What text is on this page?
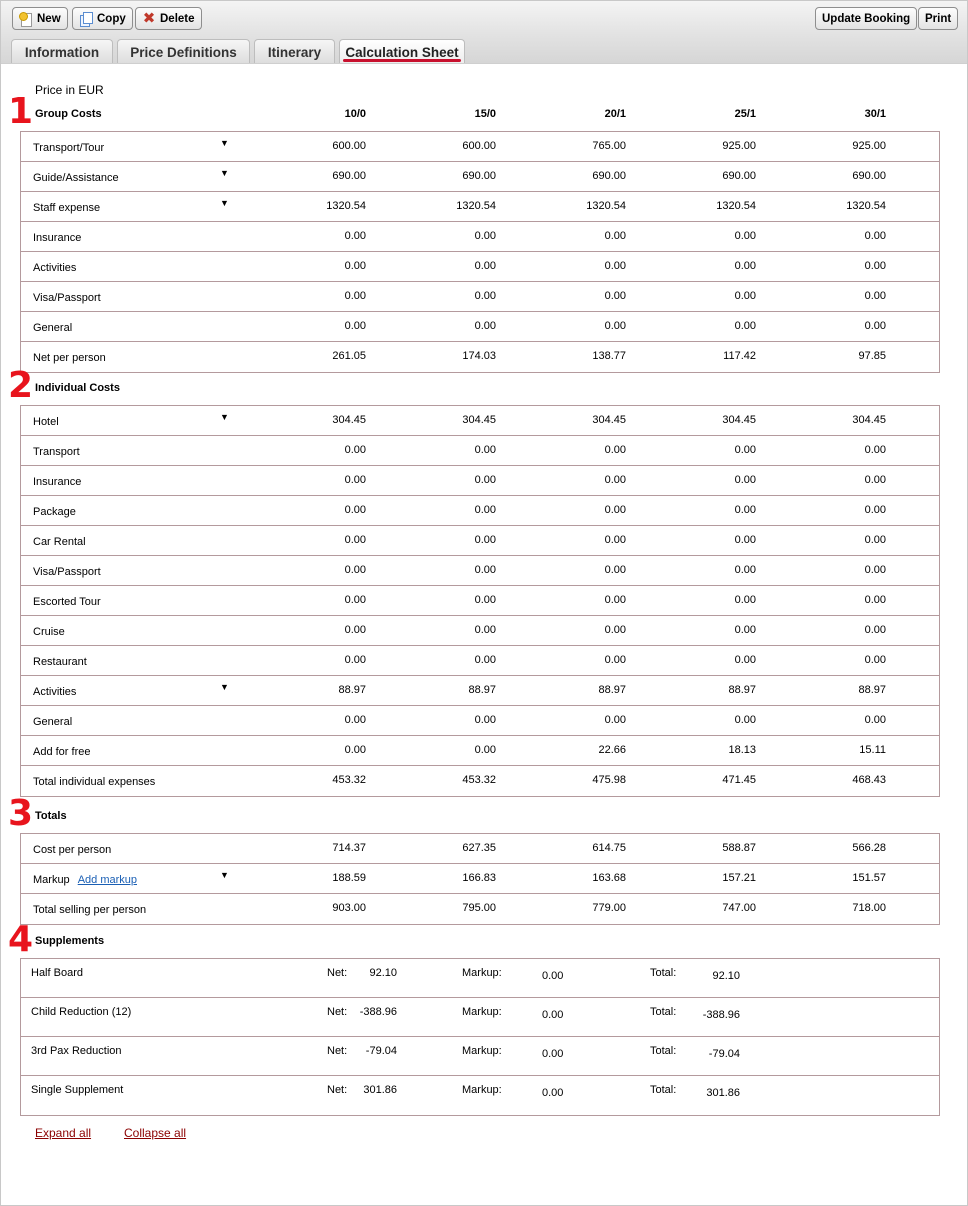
New	Copy ✖ Delete	Update Booking Print
Information Price Definitions Itinerary Calculation Sheet
Price in EUR
1 Group Costs	10/0	15/0	20/1	25/1	30/1
Transport/Tour	▼	600.00	600.00	765.00	925.00	925.00
Guide/Assistance	▼	690.00	690.00	690.00	690.00	690.00
Staff expense	▼	1320.54	1320.54	1320.54	1320.54	1320.54
Insurance	0.00	0.00	0.00	0.00	0.00
Activities	0.00	0.00	0.00	0.00	0.00
Visa/Passport	0.00	0.00	0.00	0.00	0.00
General	0.00	0.00	0.00	0.00	0.00
Net per person	261.05	174.03	138.77	117.42	97.85
2 Individual Costs
Hotel	▼	304.45	304.45	304.45	304.45	304.45
Transport	0.00	0.00	0.00	0.00	0.00
Insurance	0.00	0.00	0.00	0.00	0.00
Package	0.00	0.00	0.00	0.00	0.00
Car Rental	0.00	0.00	0.00	0.00	0.00
Visa/Passport	0.00	0.00	0.00	0.00	0.00
Escorted Tour	0.00	0.00	0.00	0.00	0.00
Cruise	0.00	0.00	0.00	0.00	0.00
Restaurant	0.00	0.00	0.00	0.00	0.00
Activities	▼	88.97	88.97	88.97	88.97	88.97
General	0.00	0.00	0.00	0.00	0.00
Add for free	0.00	0.00	22.66	18.13	15.11
Total individual expenses	453.32	453.32	475.98	471.45	468.43
3 Totals
Cost per person	714.37	627.35	614.75	588.87	566.28
Markup Add markup	▼	188.59	166.83	163.68	157.21	151.57
Total selling per person	903.00	795.00	779.00	747.00	718.00
4 Supplements
Half Board	Net:	92.10	Markup:	0.00	Total:	92.10
Child Reduction (12)	Net:	-388.96	Markup:	0.00	Total:	-388.96
3rd Pax Reduction	Net:	-79.04	Markup:	0.00	Total:	-79.04
Single Supplement	Net:	301.86	Markup:	0.00	Total:	301.86
Expand all	Collapse all
